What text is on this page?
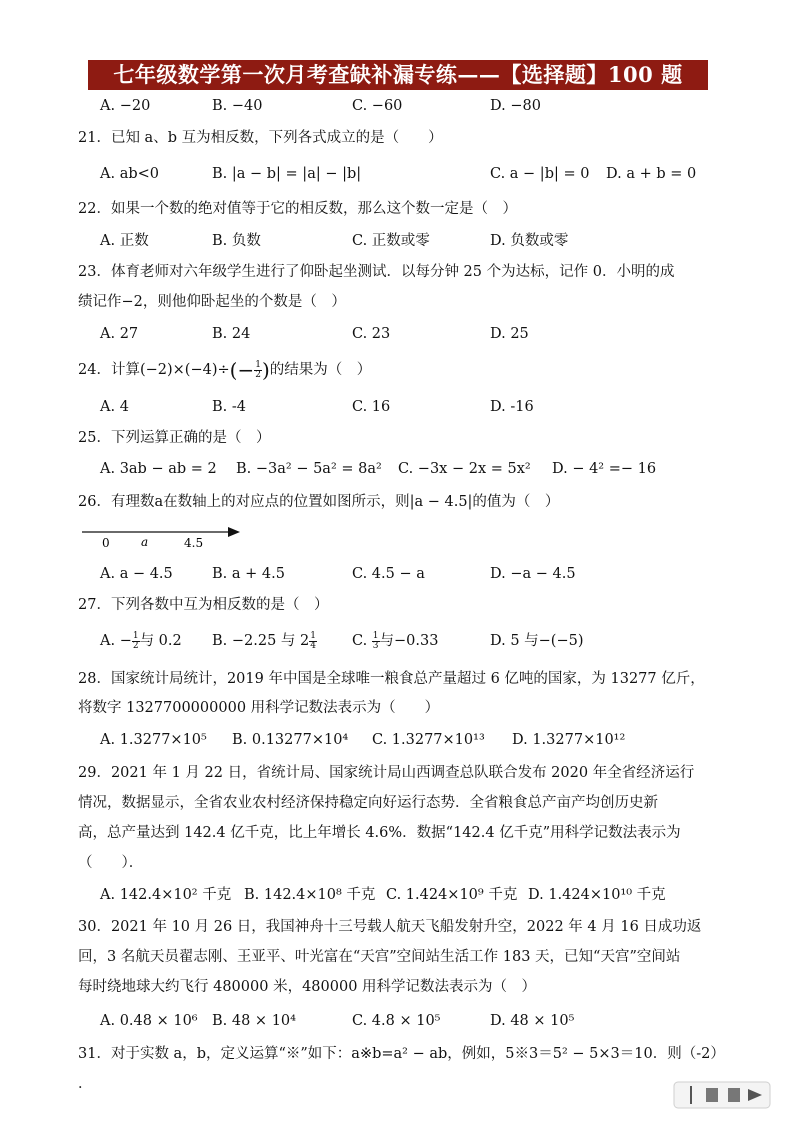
七年级数学第一次月考查缺补漏专练——【选择题】100 题
A. −20	B. −40	C. −60	D. −80
21．已知 a、b 互为相反数，下列各式成立的是（　　）
A. ab<0	B. |a − b| = |a| − |b|	C. a − |b| = 0 D. a + b = 0
22．如果一个数的绝对值等于它的相反数，那么这个数一定是（　）
A. 正数	B. 负数	C. 正数或零	D. 负数或零
23．体育老师对六年级学生进行了仰卧起坐测试．以每分钟 25 个为达标，记作 0．小明的成
绩记作−2，则他仰卧起坐的个数是（　）
A. 27	B. 24	C. 23	D. 25
24．计算$(-2)\times(-4)\div(- \frac{1}{2}$ )的结果为（　）
A. 4	B. -4	C. 16	D. -16
25．下列运算正确的是（　）
A. 3ab − ab = 2 B. −3a² − 5a² = 8a² C. −3x − 2x = 5x² D. − 4² =− 16
26．有理数a在数轴上的对应点的位置如图所示，则|a − 4.5|的值为（　）
0	a	4.5
A. a − 4.5	B. a + 4.5	C. 4.5 − a	D. −a − 4.5
27．下列各数中互为相反数的是（　）
A. − $\frac{1}{2}$ 与 0.2 B. −2.25 与 $2 \frac{1}{4} C$. $\frac{1}{3}$ 与−0.33	D. 5 与−(−5)
28．国家统计局统计，2019 年中国是全球唯一粮食总产量超过 6 亿吨的国家，为 13277 亿斤，
将数字 1327700000000 用科学记数法表示为（　　）
A. 1.3277×10⁵ B. 0.13277×10⁴ C. 1.3277×10¹³ D. 1.3277×10¹²
29．2021 年 1 月 22 日，省统计局、国家统计局山西调查总队联合发布 2020 年全省经济运行
情况，数据显示，全省农业农村经济保持稳定向好运行态势．全省粮食总产亩产均创历史新
高，总产量达到 142.4 亿千克，比上年增长 4.6%．数据“142.4 亿千克”用科学记数法表示为
（　　）．
A. 142.4×10² 千克 B. 142.4×10⁸ 千克 C. 1.424×10⁹ 千克 D. 1.424×10¹⁰ 千克
30．2021 年 10 月 26 日，我国神舟十三号载人航天飞船发射升空，2022 年 4 月 16 日成功返
回，3 名航天员翟志刚、王亚平、叶光富在“天宫”空间站生活工作 183 天，已知“天宫”空间站
每时绕地球大约飞行 480000 米，480000 用科学记数法表示为（　）
A. 0.48 × 10⁶ B. 48 × 10⁴	C. 4.8 × 10⁵	D. 48 × 10⁵
31．对于实数 a，b，定义运算“※”如下：a※b=a² − ab，例如，5※3＝5² − 5×3＝10．则（-2）
．
